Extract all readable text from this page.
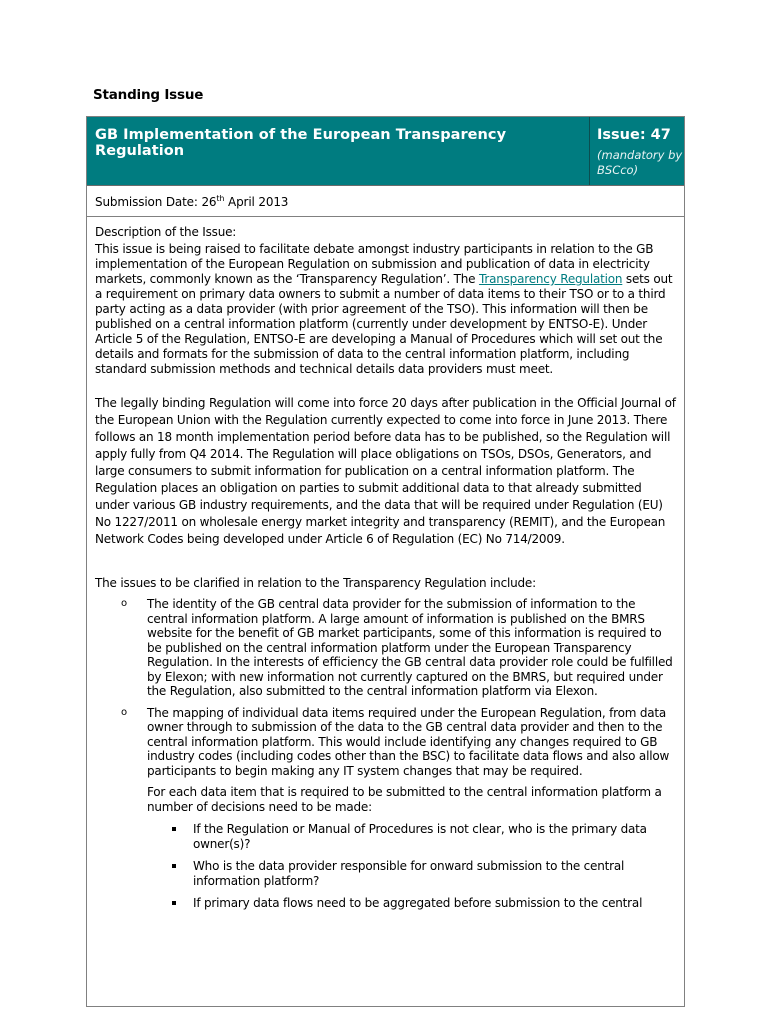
Standing Issue
GB Implementation of the European Transparency Regulation
Issue: 47
(mandatory by BSCco)
Submission Date: 26th April 2013

Description of the Issue:

This issue is being raised to facilitate debate amongst industry participants in relation to the GB implementation of the European Regulation on submission and publication of data in electricity markets, commonly known as the ‘Transparency Regulation’. The Transparency Regulation sets out a requirement on primary data owners to submit a number of data items to their TSO or to a third party acting as a data provider (with prior agreement of the TSO). This information will then be published on a central information platform (currently under development by ENTSO-E). Under Article 5 of the Regulation, ENTSO-E are developing a Manual of Procedures which will set out the details and formats for the submission of data to the central information platform, including standard submission methods and technical details data providers must meet.

The legally binding Regulation will come into force 20 days after publication in the Official Journal of the European Union with the Regulation currently expected to come into force in June 2013. There follows an 18 month implementation period before data has to be published, so the Regulation will apply fully from Q4 2014. The Regulation will place obligations on TSOs, DSOs, Generators, and large consumers to submit information for publication on a central information platform. The Regulation places an obligation on parties to submit additional data to that already submitted under various GB industry requirements, and the data that will be required under Regulation (EU) No 1227/2011 on wholesale energy market integrity and transparency (REMIT), and the European Network Codes being developed under Article 6 of Regulation (EC) No 714/2009.

The issues to be clarified in relation to the Transparency Regulation include:

o The identity of the GB central data provider for the submission of information to the central information platform. A large amount of information is published on the BMRS website for the benefit of GB market participants, some of this information is required to be published on the central information platform under the European Transparency Regulation. In the interests of efficiency the GB central data provider role could be fulfilled by Elexon; with new information not currently captured on the BMRS, but required under the Regulation, also submitted to the central information platform via Elexon.
o The mapping of individual data items required under the European Regulation, from data owner through to submission of the data to the GB central data provider and then to the central information platform. This would include identifying any changes required to GB industry codes (including codes other than the BSC) to facilitate data flows and also allow participants to begin making any IT system changes that may be required.

For each data item that is required to be submitted to the central information platform a number of decisions need to be made:

If the Regulation or Manual of Procedures is not clear, who is the primary data owner(s)?
Who is the data provider responsible for onward submission to the central information platform?
If primary data flows need to be aggregated before submission to the central
